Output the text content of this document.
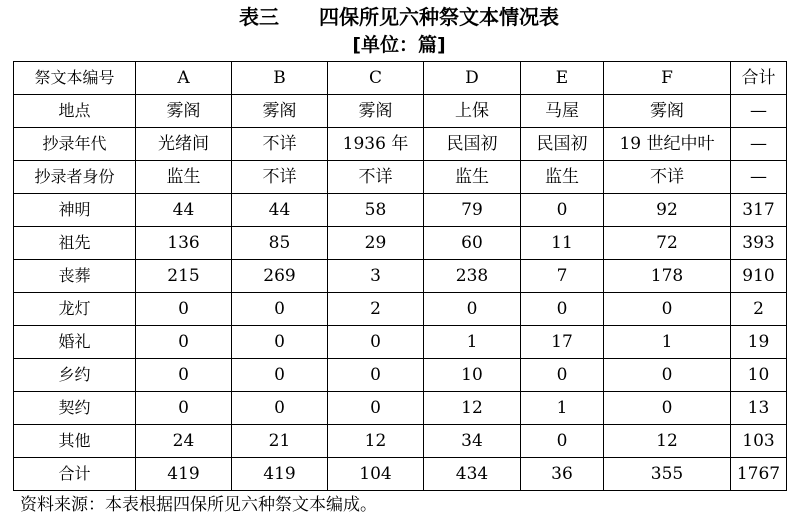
表三 四保所见六种祭文本情况表
[单位：篇]
祭文本编号	A	B	C	D	E	F	合计
地点	雾阁	雾阁	雾阁	上保	马屋	雾阁	—
抄录年代	光绪间	不详	1936 年	民国初	民国初	19 世纪中叶	—
抄录者身份	监生	不详	不详	监生	监生	不详	—
神明	44	44	58	79	0	92	317
祖先	136	85	29	60	11	72	393
丧葬	215	269	3	238	7	178	910
龙灯	0	0	2	0	0	0	2
婚礼	0	0	0	1	17	1	19
乡约	0	0	0	10	0	0	10
契约	0	0	0	12	1	0	13
其他	24	21	12	34	0	12	103
合计	419	419	104	434	36	355	1767
资料来源：本表根据四保所见六种祭文本编成。
